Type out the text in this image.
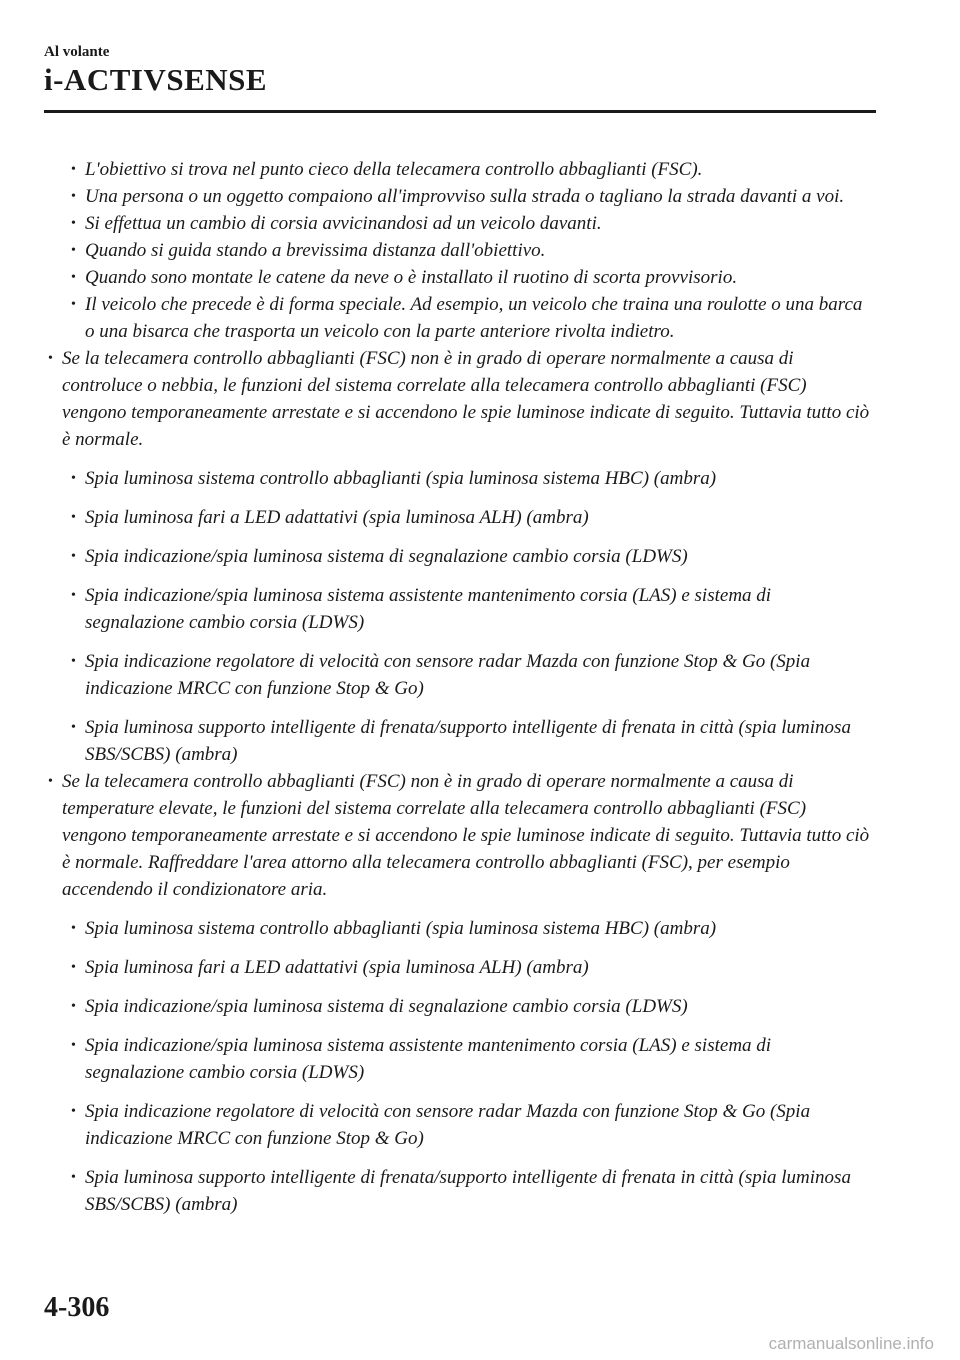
Al volante
i-ACTIVSENSE
• L'obiettivo si trova nel punto cieco della telecamera controllo abbaglianti (FSC).
• Una persona o un oggetto compaiono all'improvviso sulla strada o tagliano la strada davanti a voi.
• Si effettua un cambio di corsia avvicinandosi ad un veicolo davanti.
• Quando si guida stando a brevissima distanza dall'obiettivo.
• Quando sono montate le catene da neve o è installato il ruotino di scorta provvisorio.
• Il veicolo che precede è di forma speciale. Ad esempio, un veicolo che traina una roulotte o una barca o una bisarca che trasporta un veicolo con la parte anteriore rivolta indietro.
• Se la telecamera controllo abbaglianti (FSC) non è in grado di operare normalmente a causa di controluce o nebbia, le funzioni del sistema correlate alla telecamera controllo abbaglianti (FSC) vengono temporaneamente arrestate e si accendono le spie luminose indicate di seguito. Tuttavia tutto ciò è normale.
• Spia luminosa sistema controllo abbaglianti (spia luminosa sistema HBC) (ambra)
• Spia luminosa fari a LED adattativi (spia luminosa ALH) (ambra)
• Spia indicazione/spia luminosa sistema di segnalazione cambio corsia (LDWS)
• Spia indicazione/spia luminosa sistema assistente mantenimento corsia (LAS) e sistema di segnalazione cambio corsia (LDWS)
• Spia indicazione regolatore di velocità con sensore radar Mazda con funzione Stop & Go (Spia indicazione MRCC con funzione Stop & Go)
• Spia luminosa supporto intelligente di frenata/supporto intelligente di frenata in città (spia luminosa SBS/SCBS) (ambra)
• Se la telecamera controllo abbaglianti (FSC) non è in grado di operare normalmente a causa di temperature elevate, le funzioni del sistema correlate alla telecamera controllo abbaglianti (FSC) vengono temporaneamente arrestate e si accendono le spie luminose indicate di seguito. Tuttavia tutto ciò è normale. Raffreddare l'area attorno alla telecamera controllo abbaglianti (FSC), per esempio accendendo il condizionatore aria.
• Spia luminosa sistema controllo abbaglianti (spia luminosa sistema HBC) (ambra)
• Spia luminosa fari a LED adattativi (spia luminosa ALH) (ambra)
• Spia indicazione/spia luminosa sistema di segnalazione cambio corsia (LDWS)
• Spia indicazione/spia luminosa sistema assistente mantenimento corsia (LAS) e sistema di segnalazione cambio corsia (LDWS)
• Spia indicazione regolatore di velocità con sensore radar Mazda con funzione Stop & Go (Spia indicazione MRCC con funzione Stop & Go)
• Spia luminosa supporto intelligente di frenata/supporto intelligente di frenata in città (spia luminosa SBS/SCBS) (ambra)
4-306
carmanualsonline.info
